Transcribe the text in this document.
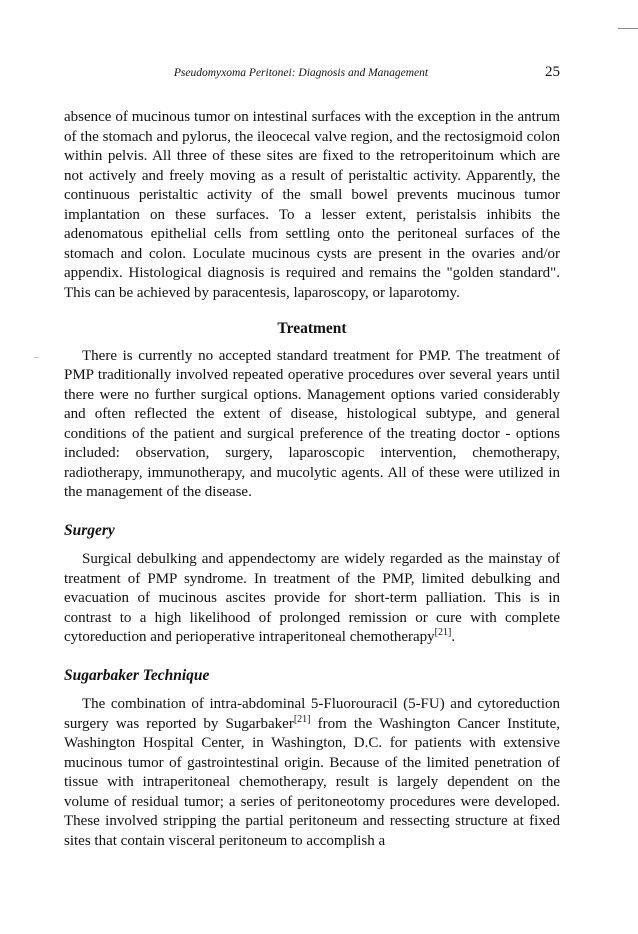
–
Pseudomyxoma Peritonei: Diagnosis and Management	25

absence of mucinous tumor on intestinal surfaces with the exception in the antrum of the stomach and pylorus, the ileocecal valve region, and the rectosigmoid colon within pelvis. All three of these sites are fixed to the retroperitoinum which are not actively and freely moving as a result of peristaltic activity. Apparently, the continuous peristaltic activity of the small bowel prevents mucinous tumor implantation on these surfaces. To a lesser extent, peristalsis inhibits the adenomatous epithelial cells from settling onto the peritoneal surfaces of the stomach and colon. Loculate mucinous cysts are present in the ovaries and/or appendix. Histological diagnosis is required and remains the "golden standard". This can be achieved by paracentesis, laparoscopy, or laparotomy.

Treatment

There is currently no accepted standard treatment for PMP. The treatment of PMP traditionally involved repeated operative procedures over several years until there were no further surgical options. Management options varied considerably and often reflected the extent of disease, histological subtype, and general conditions of the patient and surgical preference of the treating doctor - options included: observation, surgery, laparoscopic intervention, chemotherapy, radiotherapy, immunotherapy, and mucolytic agents. All of these were utilized in the management of the disease.

Surgery

Surgical debulking and appendectomy are widely regarded as the mainstay of treatment of PMP syndrome. In treatment of the PMP, limited debulking and evacuation of mucinous ascites provide for short-term palliation. This is in contrast to a high likelihood of prolonged remission or cure with complete cytoreduction and perioperative intraperitoneal chemotherapy[21].

Sugarbaker Technique

The combination of intra-abdominal 5-Fluorouracil (5-FU) and cytoreduction surgery was reported by Sugarbaker[21] from the Washington Cancer Institute, Washington Hospital Center, in Washington, D.C. for patients with extensive mucinous tumor of gastrointestinal origin. Because of the limited penetration of tissue with intraperitoneal chemotherapy, result is largely dependent on the volume of residual tumor; a series of peritoneotomy procedures were developed. These involved stripping the partial peritoneum and ressecting structure at fixed sites that contain visceral peritoneum to accomplish a
